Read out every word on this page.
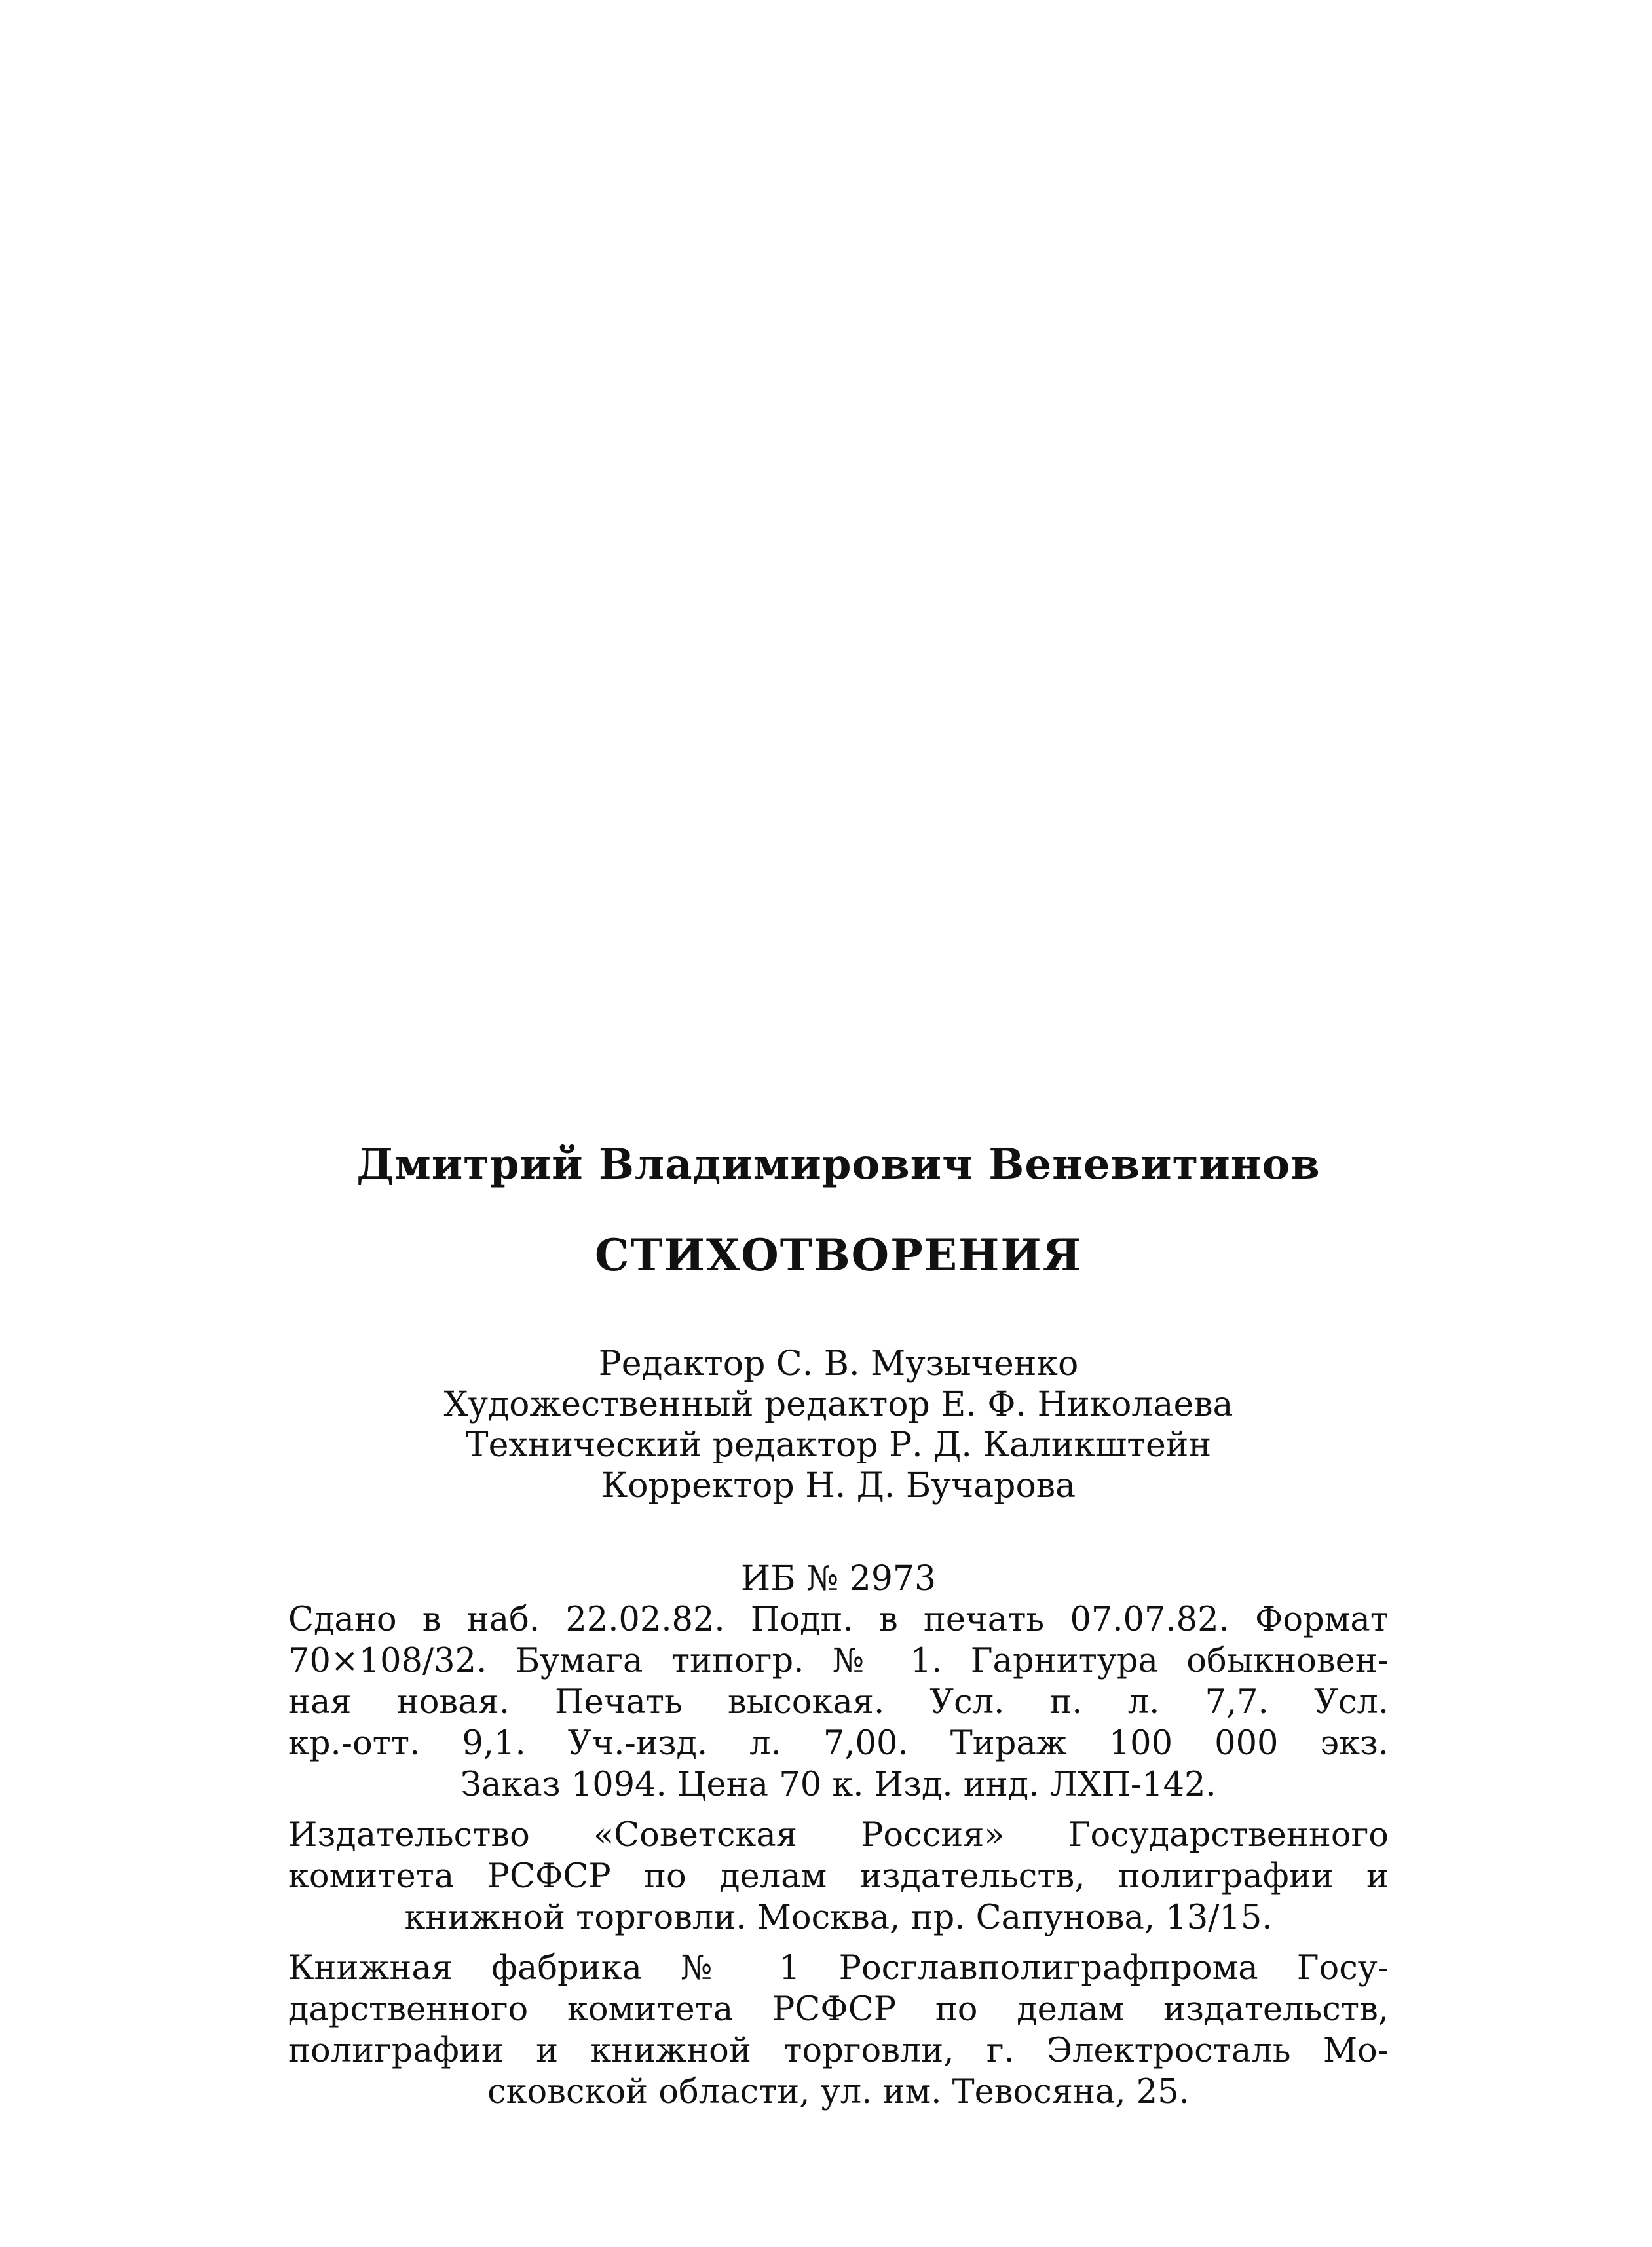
Дмитрий Владимирович Веневитинов
СТИХОТВОРЕНИЯ
Редактор С. В. Музыченко
Художественный редактор Е. Ф. Николаева
Технический редактор Р. Д. Каликштейн
Корректор Н. Д. Бучарова
ИБ № 2973
Сдано в наб. 22.02.82. Подп. в печать 07.07.82. Формат
70×108/32. Бумага типогр. № 1. Гарнитура обыкновен-
ная новая. Печать высокая. Усл. п. л. 7,7. Усл.
кр.-отт. 9,1. Уч.-изд. л. 7,00. Тираж 100 000 экз.
Заказ 1094. Цена 70 к. Изд. инд. ЛХП-142.
Издательство «Советская Россия» Государственного
комитета РСФСР по делам издательств, полиграфии и
книжной торговли. Москва, пр. Сапунова, 13/15.
Книжная фабрика № 1 Росглавполиграфпрома Госу-
дарственного комитета РСФСР по делам издательств,
полиграфии и книжной торговли, г. Электросталь Мо-
сковской области, ул. им. Тевосяна, 25.
